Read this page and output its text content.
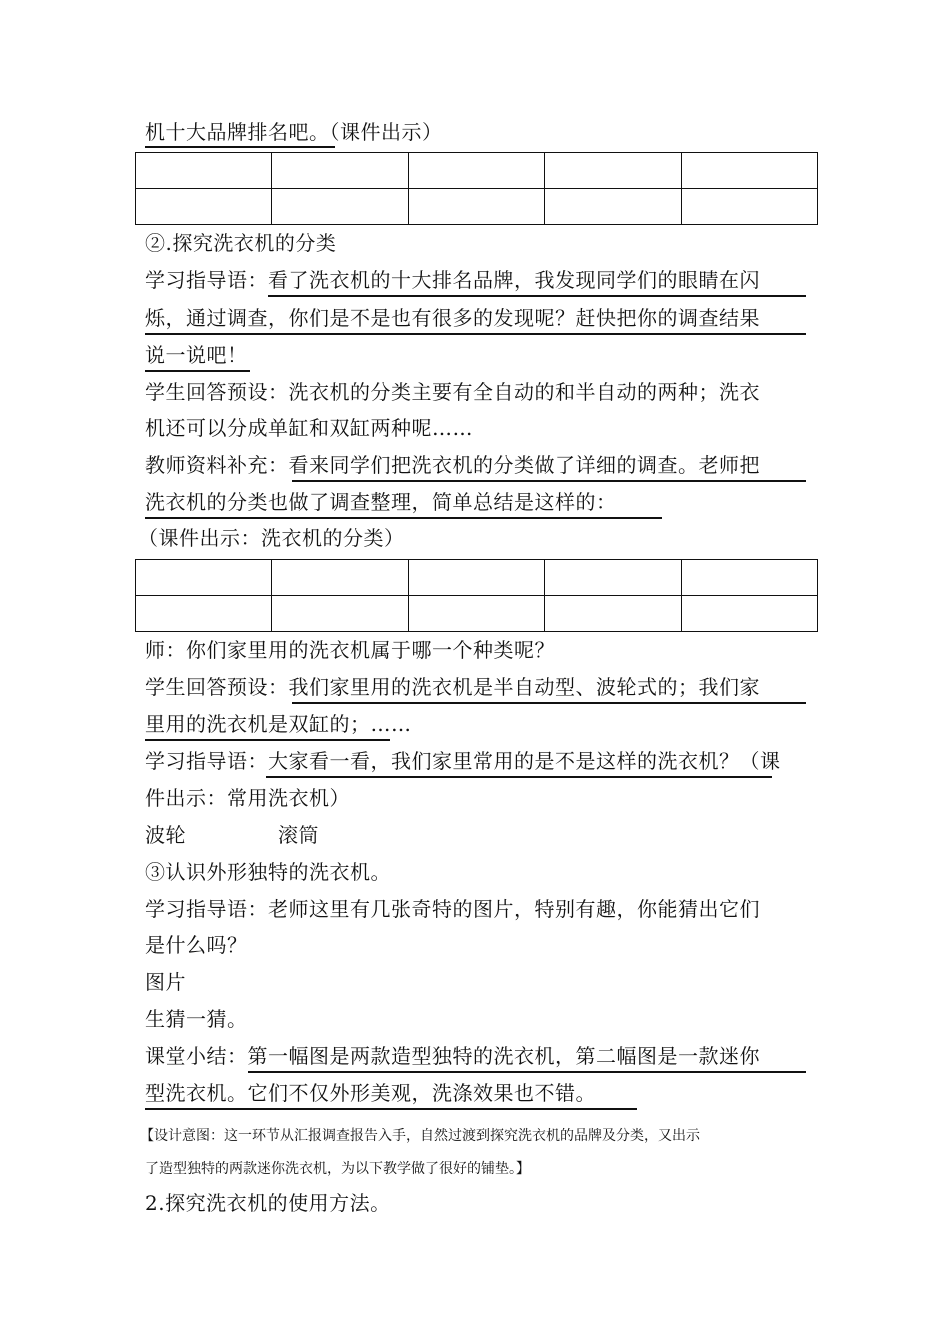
机十大品牌排名吧。（课件出示）

②.探究洗衣机的分类
学习指导语：看了洗衣机的十大排名品牌，我发现同学们的眼睛在闪
烁，通过调查，你们是不是也有很多的发现呢？赶快把你的调查结果
说一说吧！
学生回答预设：洗衣机的分类主要有全自动的和半自动的两种；洗衣
机还可以分成单缸和双缸两种呢……
教师资料补充：看来同学们把洗衣机的分类做了详细的调查。老师把
洗衣机的分类也做了调查整理，简单总结是这样的：
（课件出示：洗衣机的分类）

师：你们家里用的洗衣机属于哪一个种类呢？
学生回答预设：我们家里用的洗衣机是半自动型、波轮式的；我们家
里用的洗衣机是双缸的；……
学习指导语：大家看一看，我们家里常用的是不是这样的洗衣机？（课
件出示：常用洗衣机）
波轮	滚筒
③认识外形独特的洗衣机。
学习指导语：老师这里有几张奇特的图片，特别有趣，你能猜出它们
是什么吗？
图片
生猜一猜。
课堂小结：第一幅图是两款造型独特的洗衣机，第二幅图是一款迷你
型洗衣机。它们不仅外形美观，洗涤效果也不错。
【设计意图：这一环节从汇报调查报告入手，自然过渡到探究洗衣机的品牌及分类，又出示
了造型独特的两款迷你洗衣机，为以下教学做了很好的铺垫。】
2.探究洗衣机的使用方法。
